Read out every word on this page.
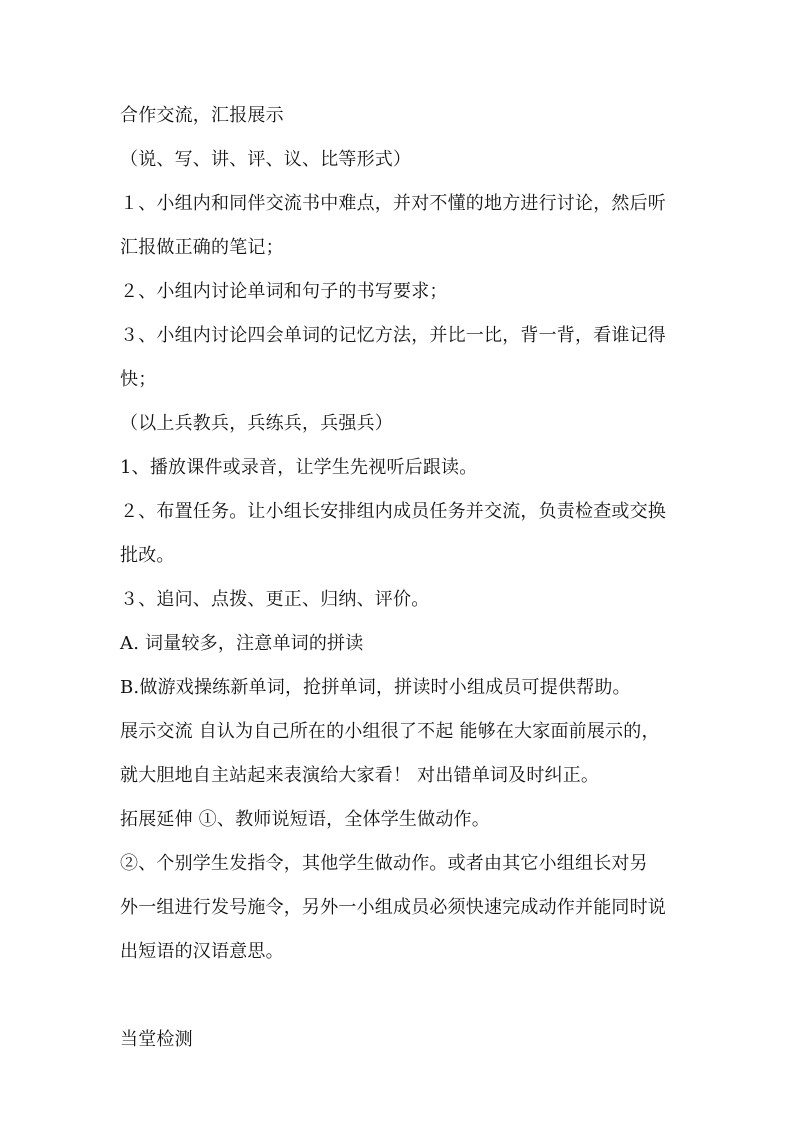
合作交流，汇报展示
（说、写、讲、评、议、比等形式）
１、小组内和同伴交流书中难点，并对不懂的地方进行讨论，然后听
汇报做正确的笔记；
２、小组内讨论单词和句子的书写要求；
３、小组内讨论四会单词的记忆方法，并比一比，背一背，看谁记得
快；
（以上兵教兵，兵练兵，兵强兵）
1、播放课件或录音，让学生先视听后跟读。
２、布置任务。让小组长安排组内成员任务并交流，负责检查或交换
批改。
３、追问、点拨、更正、归纳、评价。
A. 词量较多，注意单词的拼读
B.做游戏操练新单词，抢拼单词，拼读时小组成员可提供帮助。
展示交流 自认为自己所在的小组很了不起 能够在大家面前展示的，
就大胆地自主站起来表演给大家看！ 对出错单词及时纠正。
拓展延伸 ①、教师说短语，全体学生做动作。
②、个别学生发指令，其他学生做动作。或者由其它小组组长对另
外一组进行发号施令，另外一小组成员必须快速完成动作并能同时说
出短语的汉语意思。
当堂检测
